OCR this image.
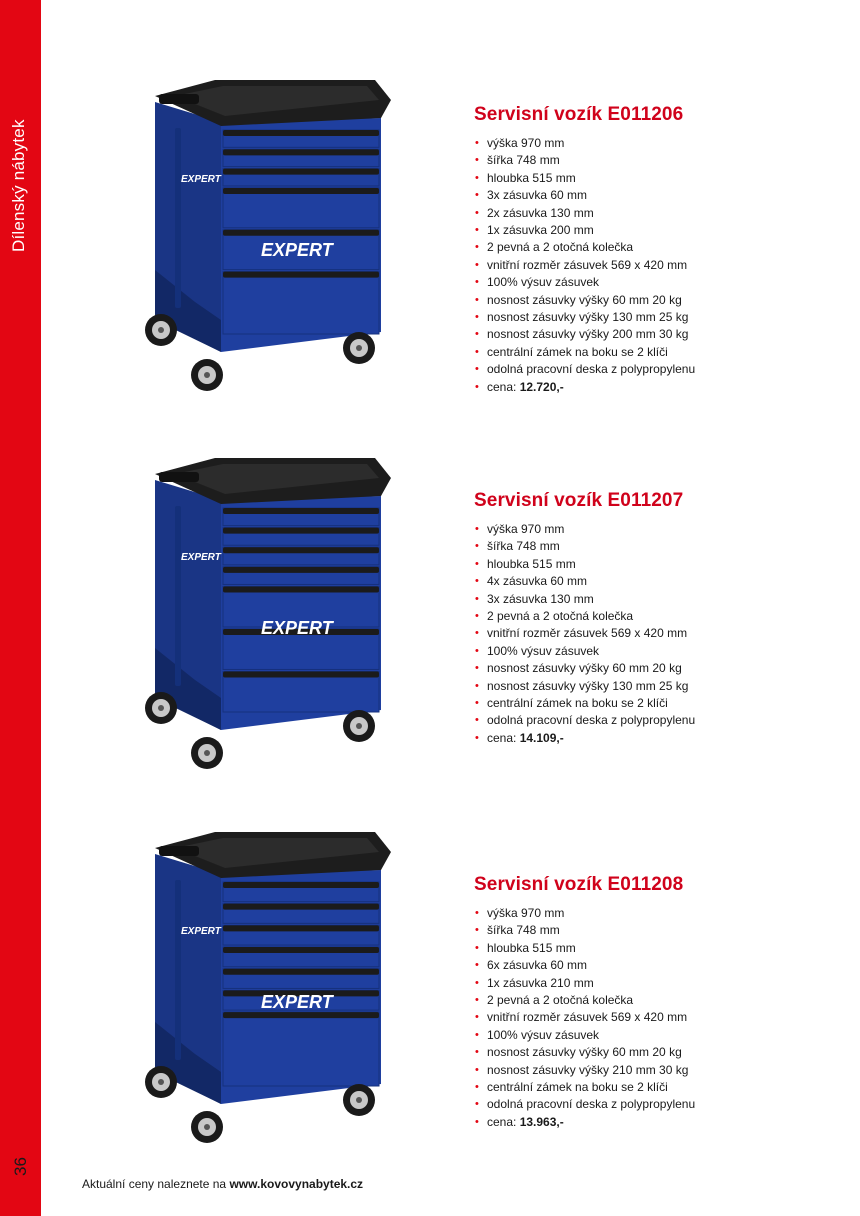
Dílenský nábytek
36
EXPERT
EXPERT
Servisní vozík E011206
• výška 970 mm
• šířka 748 mm
• hloubka 515 mm
• 3x zásuvka 60 mm
• 2x zásuvka 130 mm
• 1x zásuvka 200 mm
• 2 pevná a 2 otočná kolečka
• vnitřní rozměr zásuvek 569 x 420 mm
• 100% výsuv zásuvek
• nosnost zásuvky výšky 60 mm 20 kg
• nosnost zásuvky výšky 130 mm 25 kg
• nosnost zásuvky výšky 200 mm 30 kg
• centrální zámek na boku se 2 klíči
• odolná pracovní deska z polypropylenu
• cena: 12.720,-
EXPERT
EXPERT
Servisní vozík E011207
• výška 970 mm
• šířka 748 mm
• hloubka 515 mm
• 4x zásuvka 60 mm
• 3x zásuvka 130 mm
• 2 pevná a 2 otočná kolečka
• vnitřní rozměr zásuvek 569 x 420 mm
• 100% výsuv zásuvek
• nosnost zásuvky výšky 60 mm 20 kg
• nosnost zásuvky výšky 130 mm 25 kg
• centrální zámek na boku se 2 klíči
• odolná pracovní deska z polypropylenu
• cena: 14.109,-
EXPERT
EXPERT
Servisní vozík E011208
• výška 970 mm
• šířka 748 mm
• hloubka 515 mm
• 6x zásuvka 60 mm
• 1x zásuvka 210 mm
• 2 pevná a 2 otočná kolečka
• vnitřní rozměr zásuvek 569 x 420 mm
• 100% výsuv zásuvek
• nosnost zásuvky výšky 60 mm 20 kg
• nosnost zásuvky výšky 210 mm 30 kg
• centrální zámek na boku se 2 klíči
• odolná pracovní deska z polypropylenu
• cena: 13.963,-
Aktuální ceny naleznete na www.kovovynabytek.cz
